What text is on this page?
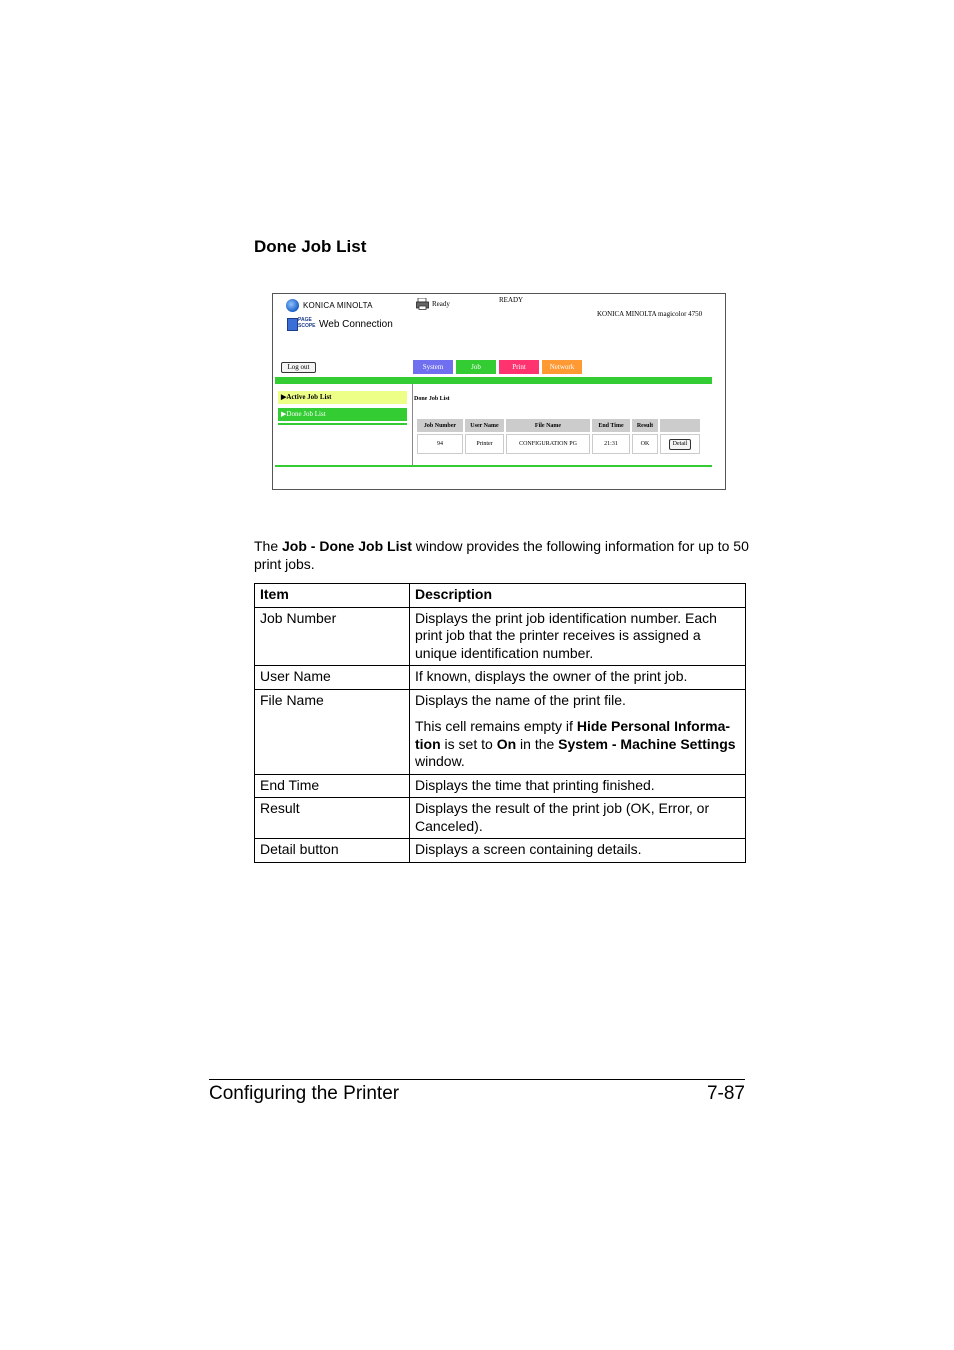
Done Job List
KONICA MINOLTA
PAGE
SCOPE Web Connection
Ready	READY
KONICA MINOLTA magicolor 4750
Log out	System	Job	Print	Network
▶Active Job List
▶Done Job List
Done Job List
Job Number	User Name	File Name	End Time	Result	
94	Printer	CONFIGURATION PG	21:31	OK	Detail
The Job - Done Job List window provides the following information for up to 50 print jobs.
Item	Description
Job Number	Displays the print job identification number. Each print job that the printer receives is assigned a unique identification number.
User Name	If known, displays the owner of the print job.
File Name	Displays the name of the print file.

This cell remains empty if Hide Personal Informa-tion is set to On in the System - Machine Settings window.

End Time	Displays the time that printing finished.
Result	Displays the result of the print job (OK, Error, or Canceled).
Detail button	Displays a screen containing details.
Configuring the Printer	7-87
